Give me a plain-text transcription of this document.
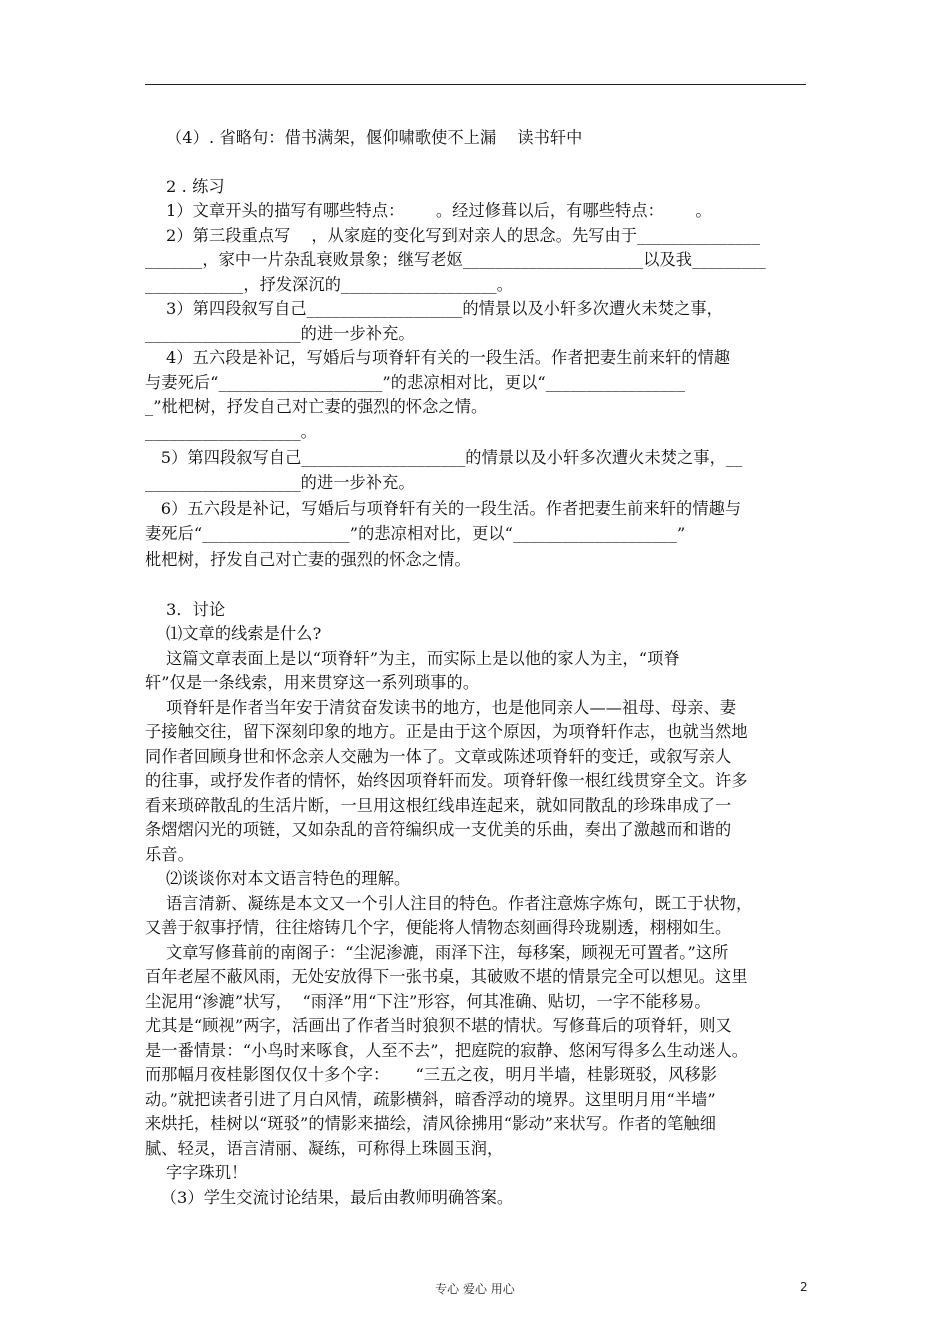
（4）. 省略句：借书满架，偃仰啸歌使不上漏    读书轩中
2 . 练习
1）文章开头的描写有哪些特点：      。经过修葺以后，有哪些特点：      。
2）第三段重点写    ，从家庭的变化写到对亲人的思念。先写由于_______________
_______，家中一片杂乱衰败景象；继写老妪______________________以及我_________
____________，抒发深沉的___________________。
3）第四段叙写自己___________________的情景以及小轩多次遭火未焚之事，
___________________的进一步补充。
4）五六段是补记，写婚后与项脊轩有关的一段生活。作者把妻生前来轩的情趣
与妻死后“____________________”的悲凉相对比，更以“_________________
_”枇杷树，抒发自己对亡妻的强烈的怀念之情。
___________________。
5）第四段叙写自己____________________的情景以及小轩多次遭火未焚之事，__
___________________的进一步补充。
6）五六段是补记，写婚后与项脊轩有关的一段生活。作者把妻生前来轩的情趣与
妻死后“__________________”的悲凉相对比，更以“____________________”
枇杷树，抒发自己对亡妻的强烈的怀念之情。
3．讨论
⑴文章的线索是什么?
这篇文章表面上是以“项脊轩”为主，而实际上是以他的家人为主，“项脊
轩”仅是一条线索，用来贯穿这一系列琐事的。
项脊轩是作者当年安于清贫奋发读书的地方，也是他同亲人——祖母、母亲、妻
子接触交往，留下深刻印象的地方。正是由于这个原因，为项脊轩作志，也就当然地
同作者回顾身世和怀念亲人交融为一体了。文章或陈述项脊轩的变迁，或叙写亲人
的往事，或抒发作者的情怀，始终因项脊轩而发。项脊轩像一根红线贯穿全文。许多
看来琐碎散乱的生活片断，一旦用这根红线串连起来，就如同散乱的珍珠串成了一
条熠熠闪光的项链，又如杂乱的音符编织成一支优美的乐曲，奏出了激越而和谐的
乐音。
⑵谈谈你对本文语言特色的理解。
语言清新、凝练是本文又一个引人注目的特色。作者注意炼字炼句，既工于状物，
又善于叙事抒情，往往熔铸几个字，便能将人情物态刻画得玲珑剔透，栩栩如生。
文章写修葺前的南阁子：“尘泥渗漉，雨泽下注，每移案，顾视无可置者。”这所
百年老屋不蔽风雨，无处安放得下一张书桌，其破败不堪的情景完全可以想见。这里
尘泥用“渗漉”状写，  “雨泽”用“下注”形容，何其准确、贴切，一字不能移易。
尤其是“顾视”两字，活画出了作者当时狼狈不堪的情状。写修葺后的项脊轩，则又
是一番情景：“小鸟时来啄食，人至不去”，把庭院的寂静、悠闲写得多么生动迷人。
而那幅月夜桂影图仅仅十多个字：     “三五之夜，明月半墙，桂影斑驳，风移影
动。”就把读者引进了月白风情，疏影横斜，暗香浮动的境界。这里明月用“半墙”
来烘托，桂树以“斑驳”的情影来描绘，清风徐拂用“影动”来状写。作者的笔触细
腻、轻灵，语言清丽、凝练，可称得上珠圆玉润，
字字珠玑！
（3）学生交流讨论结果，最后由教师明确答案。
专心 爱心 用心	2
